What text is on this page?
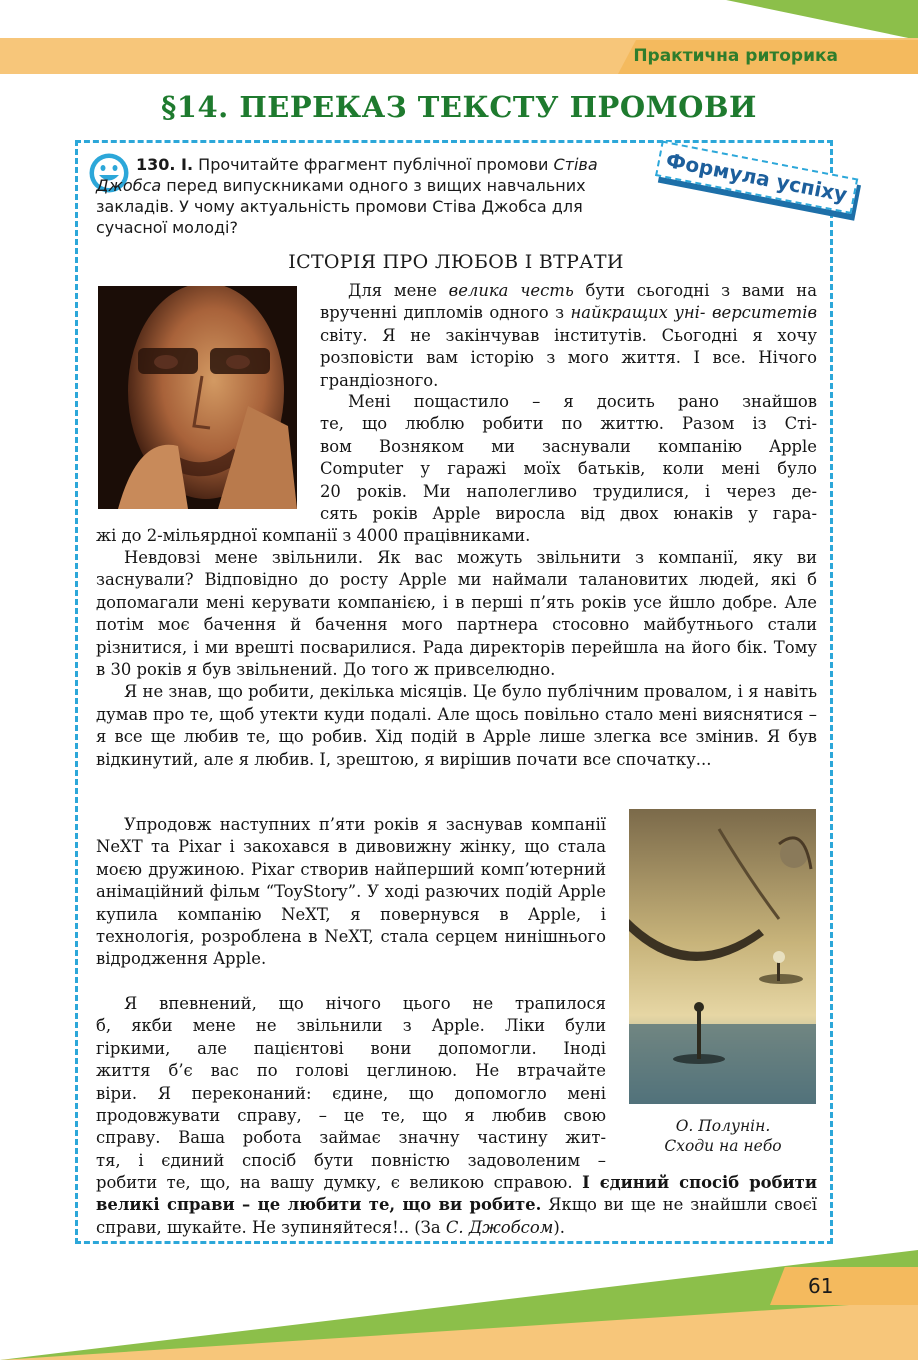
Практична риторика
§14. ПЕРЕКАЗ ТЕКСТУ ПРОМОВИ
130. І. Прочитайте фрагмент публічної промови Стіва Джобса перед випускниками одного з вищих навчальних закладів. У чому актуальність промови Стіва Джобса для сучасної молоді?
Формула успіху
ІСТОРІЯ ПРО ЛЮБОВ І ВТРАТИ

Для мене велика честь бути сьогодні з вами на врученні дипломів одного з найкращих уні- верситетів світу. Я не закінчував інститутів. Сьогодні я хочу розповісти вам історію з мого життя. І все. Нічого грандіозного.

Мені пощастило – я досить рано знайшов
те, що люблю робити по життю. Разом із Сті-
вом Возняком ми заснували компанію Apple
Computer у гаражі моїх батьків, коли мені було
20 років. Ми наполегливо трудилися, і через де-
сять років Apple виросла від двох юнаків у гара-
жі до 2-мільярдної компанії з 4000 працівниками.

Невдовзі мене звільнили. Як вас можуть звільнити з компанії, яку ви заснували? Відповідно до росту Apple ми наймали талановитих людей, які б допомагали мені керувати компанією, і в перші п’ять років усе йшло добре. Але потім моє бачення й бачення мого партнера стосовно майбутнього стали різнитися, і ми врешті посварилися. Рада директорів перейшла на його бік. Тому в 30 років я був звільнений. До того ж привселюдно.

Я не знав, що робити, декілька місяців. Це було публічним провалом, і я навіть думав про те, щоб утекти куди подалі. Але щось повільно стало мені вияснятися – я все ще любив те, що робив. Хід подій в Apple лише злегка все змінив. Я був відкинутий, але я любив. І, зрештою, я вирішив почати все спочатку...

Упродовж наступних п’яти років я заснував компанії NeXT та Pixar і закохався в дивовижну жінку, що стала моєю дружиною. Pixar створив найперший комп’ютерний анімаційний фільм “ToyStory”. У ході разючих подій Apple купила компанію NeXT, я повернувся в Apple, і технологія, розроблена в NeXT, стала серцем нинішнього відродження Apple.

Я впевнений, що нічого цього не трапилося
б, якби мене не звільнили з Apple. Ліки були
гіркими, але пацієнтові вони допомогли. Іноді
життя б’є вас по голові цеглиною. Не втрачайте
віри. Я переконаний: єдине, що допомогло мені
продовжувати справу, – це те, що я любив свою
справу. Ваша робота займає значну частину жит-
тя, і єдиний спосіб бути повністю задоволеним –

робити те, що, на вашу думку, є великою справою. І єдиний спосіб робити великі справи – це любити те, що ви робите. Якщо ви ще не знайшли своєї справи, шукайте. Не зупиняйтеся!.. (За С. Джобсом).

О. Полунін.
Сходи на небо
61
